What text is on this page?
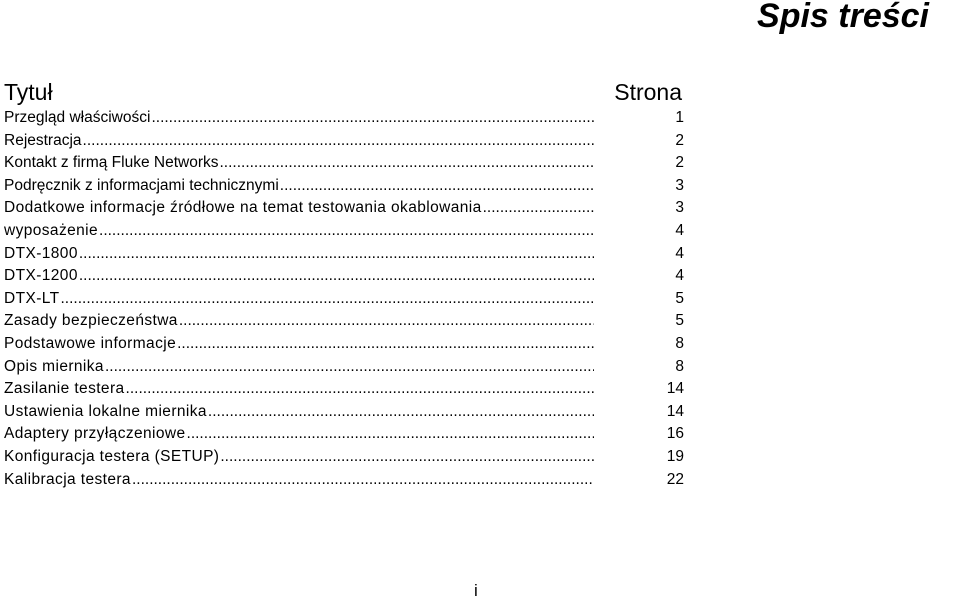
Spis treści
Tytuł	Strona
Przegląd właściwości .....	1
Rejestracja .....	2
Kontakt z firmą Fluke Networks .....	2
Podręcznik z informacjami technicznymi .....	3
Dodatkowe informacje źródłowe na temat testowania okablowania .....	3
wyposażenie .....	4
DTX-1800 .....	4
DTX-1200 .....	4
DTX-LT .....	5
Zasady bezpieczeństwa .....	5
Podstawowe informacje .....	8
Opis miernika .....	8
Zasilanie testera .....	14
Ustawienia lokalne miernika .....	14
Adaptery przyłączeniowe .....	16
Konfiguracja testera (SETUP) .....	19
Kalibracja testera .....	22
i
